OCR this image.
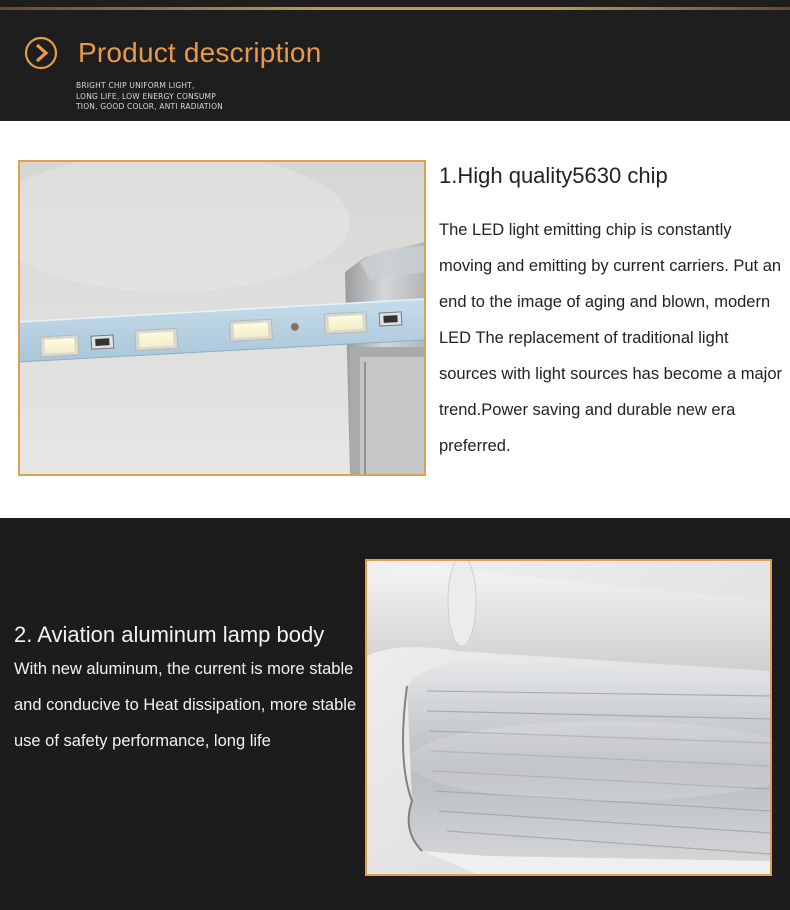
Product description
BRIGHT CHIP UNIFORM LIGHT,
LONG LIFE, LOW ENERGY CONSUMP
TION, GOOD COLOR, ANTI RADIATION
1.High quality5630 chip
The LED light emitting chip is constantly moving and emitting by current carriers. Put an end to the image of aging and blown, modern LED The replacement of traditional light sources with light sources has become a major trend.Power saving and durable new era preferred.
2. Aviation aluminum lamp body
With new aluminum, the current is more stable and conducive to Heat dissipation, more stable use of safety performance, long life
